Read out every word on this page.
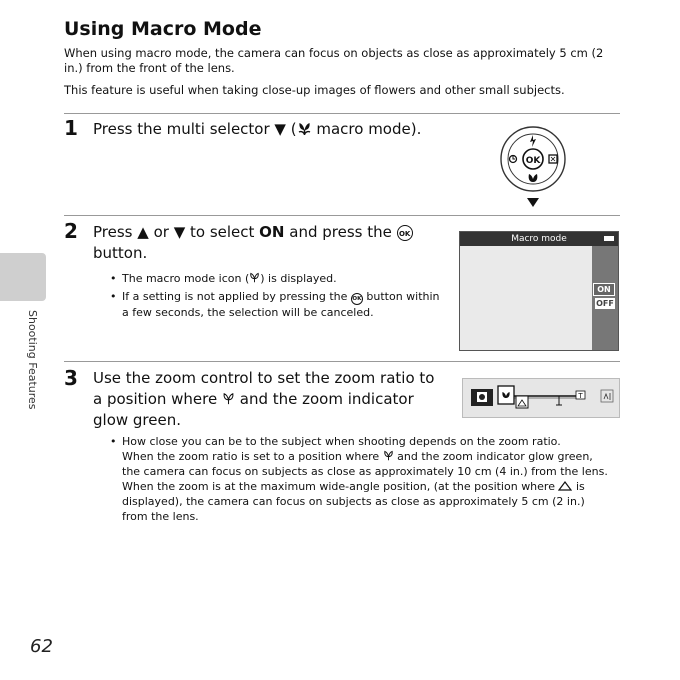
Shooting Features
Using Macro Mode

When using macro mode, the camera can focus on objects as close as approximately 5 cm (2 in.) from the front of the lens.

This feature is useful when taking close-up images of flowers and other small subjects.

1 Press the multi selector ▼ ( macro mode).
OK
2 Press ▲ or ▼ to select ON and press the OK button.
• The macro mode icon ( ) is displayed.
• If a setting is not applied by pressing the OK button within a few seconds, the selection will be canceled.
Macro mode
ON
OFF
3 Use the zoom control to set the zoom ratio to a position where  and the zoom indicator glow green.
T
• How close you can be to the subject when shooting depends on the zoom ratio.
When the zoom ratio is set to a position where  and the zoom indicator glow green, the camera can focus on subjects as close as approximately 10 cm (4 in.) from the lens. When the zoom is at the maximum wide-angle position, (at the position where  is displayed), the camera can focus on subjects as close as approximately 5 cm (2 in.) from the lens.
62
